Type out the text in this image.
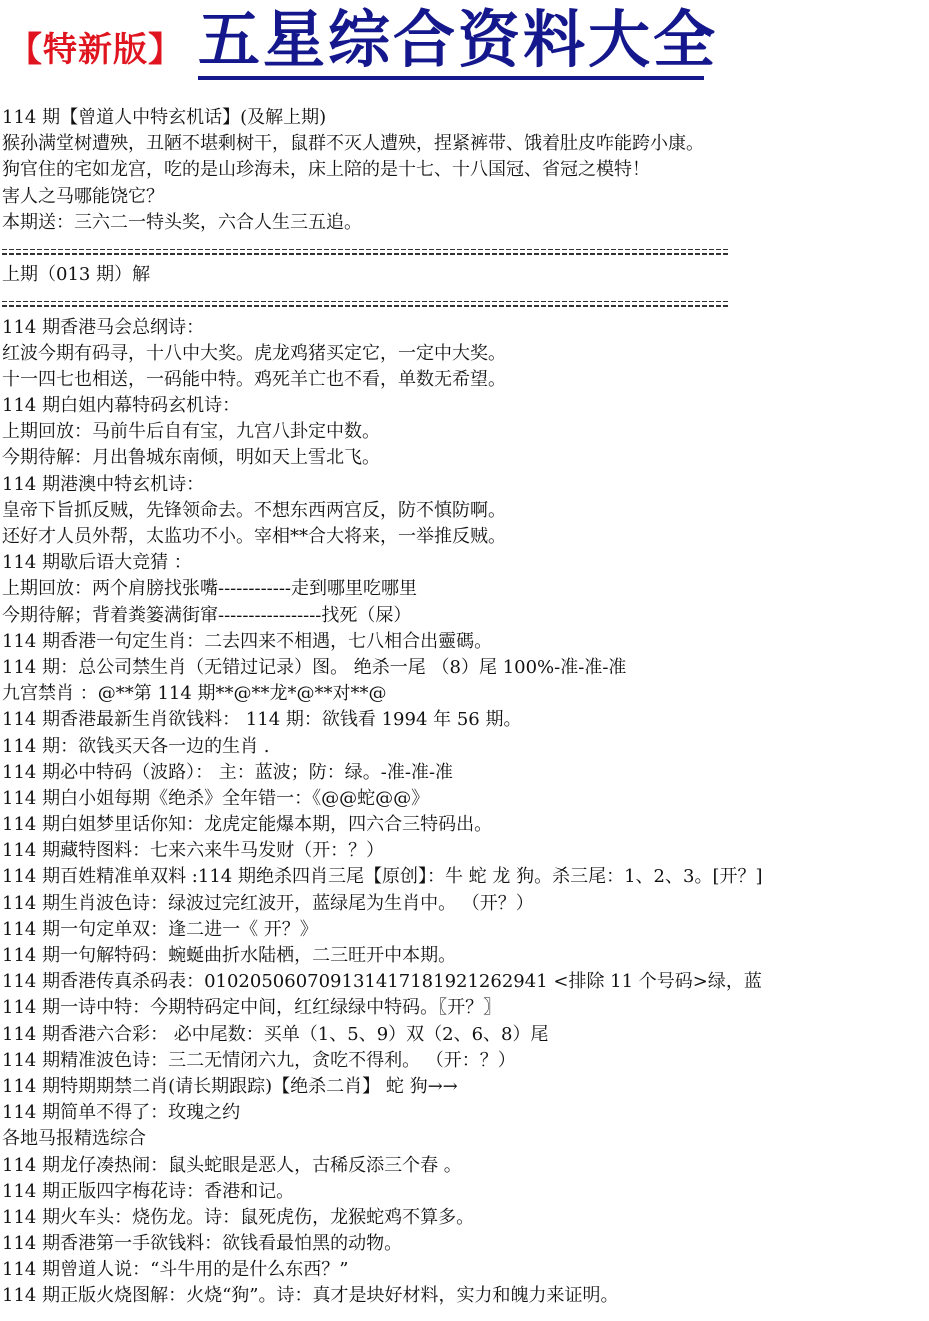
【特新版】 五星综合资料大全
114 期【曾道人中特玄机话】(及解上期)
猴孙满堂树遭殃，丑陋不堪剩树干，鼠群不灭人遭殃，捏紧裤带、饿着肚皮咋能跨小康。
狗官住的宅如龙宫，吃的是山珍海未，床上陪的是十七、十八国冠、省冠之模特！
害人之马哪能饶它？
本期送：三六二一特头奖，六合人生三五追。
上期（013 期）解
114 期香港马会总纲诗：
红波今期有码寻，十八中大奖。虎龙鸡猪买定它，一定中大奖。
十一四七也相送，一码能中特。鸡死羊亡也不看，单数无希望。
114 期白姐内幕特码玄机诗：
上期回放：马前牛后自有宝，九宫八卦定中数。
今期待解：月出鲁城东南倾，明如天上雪北飞。
114 期港澳中特玄机诗：
皇帝下旨抓反贼，先锋领命去。不想东西两宫反，防不慎防啊。
还好才人员外帮，太监功不小。宰相**合大将来，一举推反贼。
114 期歇后语大竞猜 ：
上期回放：两个肩膀找张嘴------------走到哪里吃哪里
今期待解；背着粪篓满街窜-----------------找死（屎）
114 期香港一句定生肖：二去四来不相遇，七八相合出靈碼。
114 期：总公司禁生肖（无错过记录）图。 绝杀一尾 （8）尾 100%-准-准-准
九宫禁肖 ：@**第 114 期**@**龙*@**对**@
114 期香港最新生肖欲钱料： 114 期：欲钱看 1994 年 56 期。
114 期：欲钱买天各一边的生肖 .
114 期必中特码（波路）： 主：蓝波；防：绿。-准-准-准
114 期白小姐每期《绝杀》全年错一：《@@蛇@@》
114 期白姐梦里话你知：龙虎定能爆本期，四六合三特码出。
114 期藏特图料：七来六来牛马发财（开：？）
114 期百姓精准单双料 :114 期绝杀四肖三尾【原创】：牛 蛇 龙 狗。杀三尾：1、2、3。[开？]
114 期生肖波色诗：绿波过完红波开，蓝绿尾为生肖中。 （开？）
114 期一句定单双：逢二进一《 开？》
114 期一句解特码：蜿蜒曲折水陆栖，二三旺开中本期。
114 期香港传真杀码表：0102050607091314171819212629​41 <排除 11 个号码>绿，蓝
114 期一诗中特：今期特码定中间，红红绿绿中特码。〖开？〗
114 期香港六合彩： 必中尾数：买单（1、5、9）双（2、6、8）尾
114 期精准波色诗：三二无情闭六九，贪吃不得利。 （开：？）
114 期特期期禁二肖(请长期跟踪)【绝杀二肖】 蛇 狗→→
114 期简单不得了：玫瑰之约
各地马报精选综合
114 期龙仔凑热闹：鼠头蛇眼是恶人，古稀反添三个春 。
114 期正版四字梅花诗：香港和记。
114 期火车头：烧伤龙。诗：鼠死虎伤，龙猴蛇鸡不算多。
114 期香港第一手欲钱料：欲钱看最怕黑的动物。
114 期曾道人说：“斗牛用的是什么东西？”
114 期正版火烧图解：火烧“狗”。诗：真才是块好材料，实力和魄力来证明。
